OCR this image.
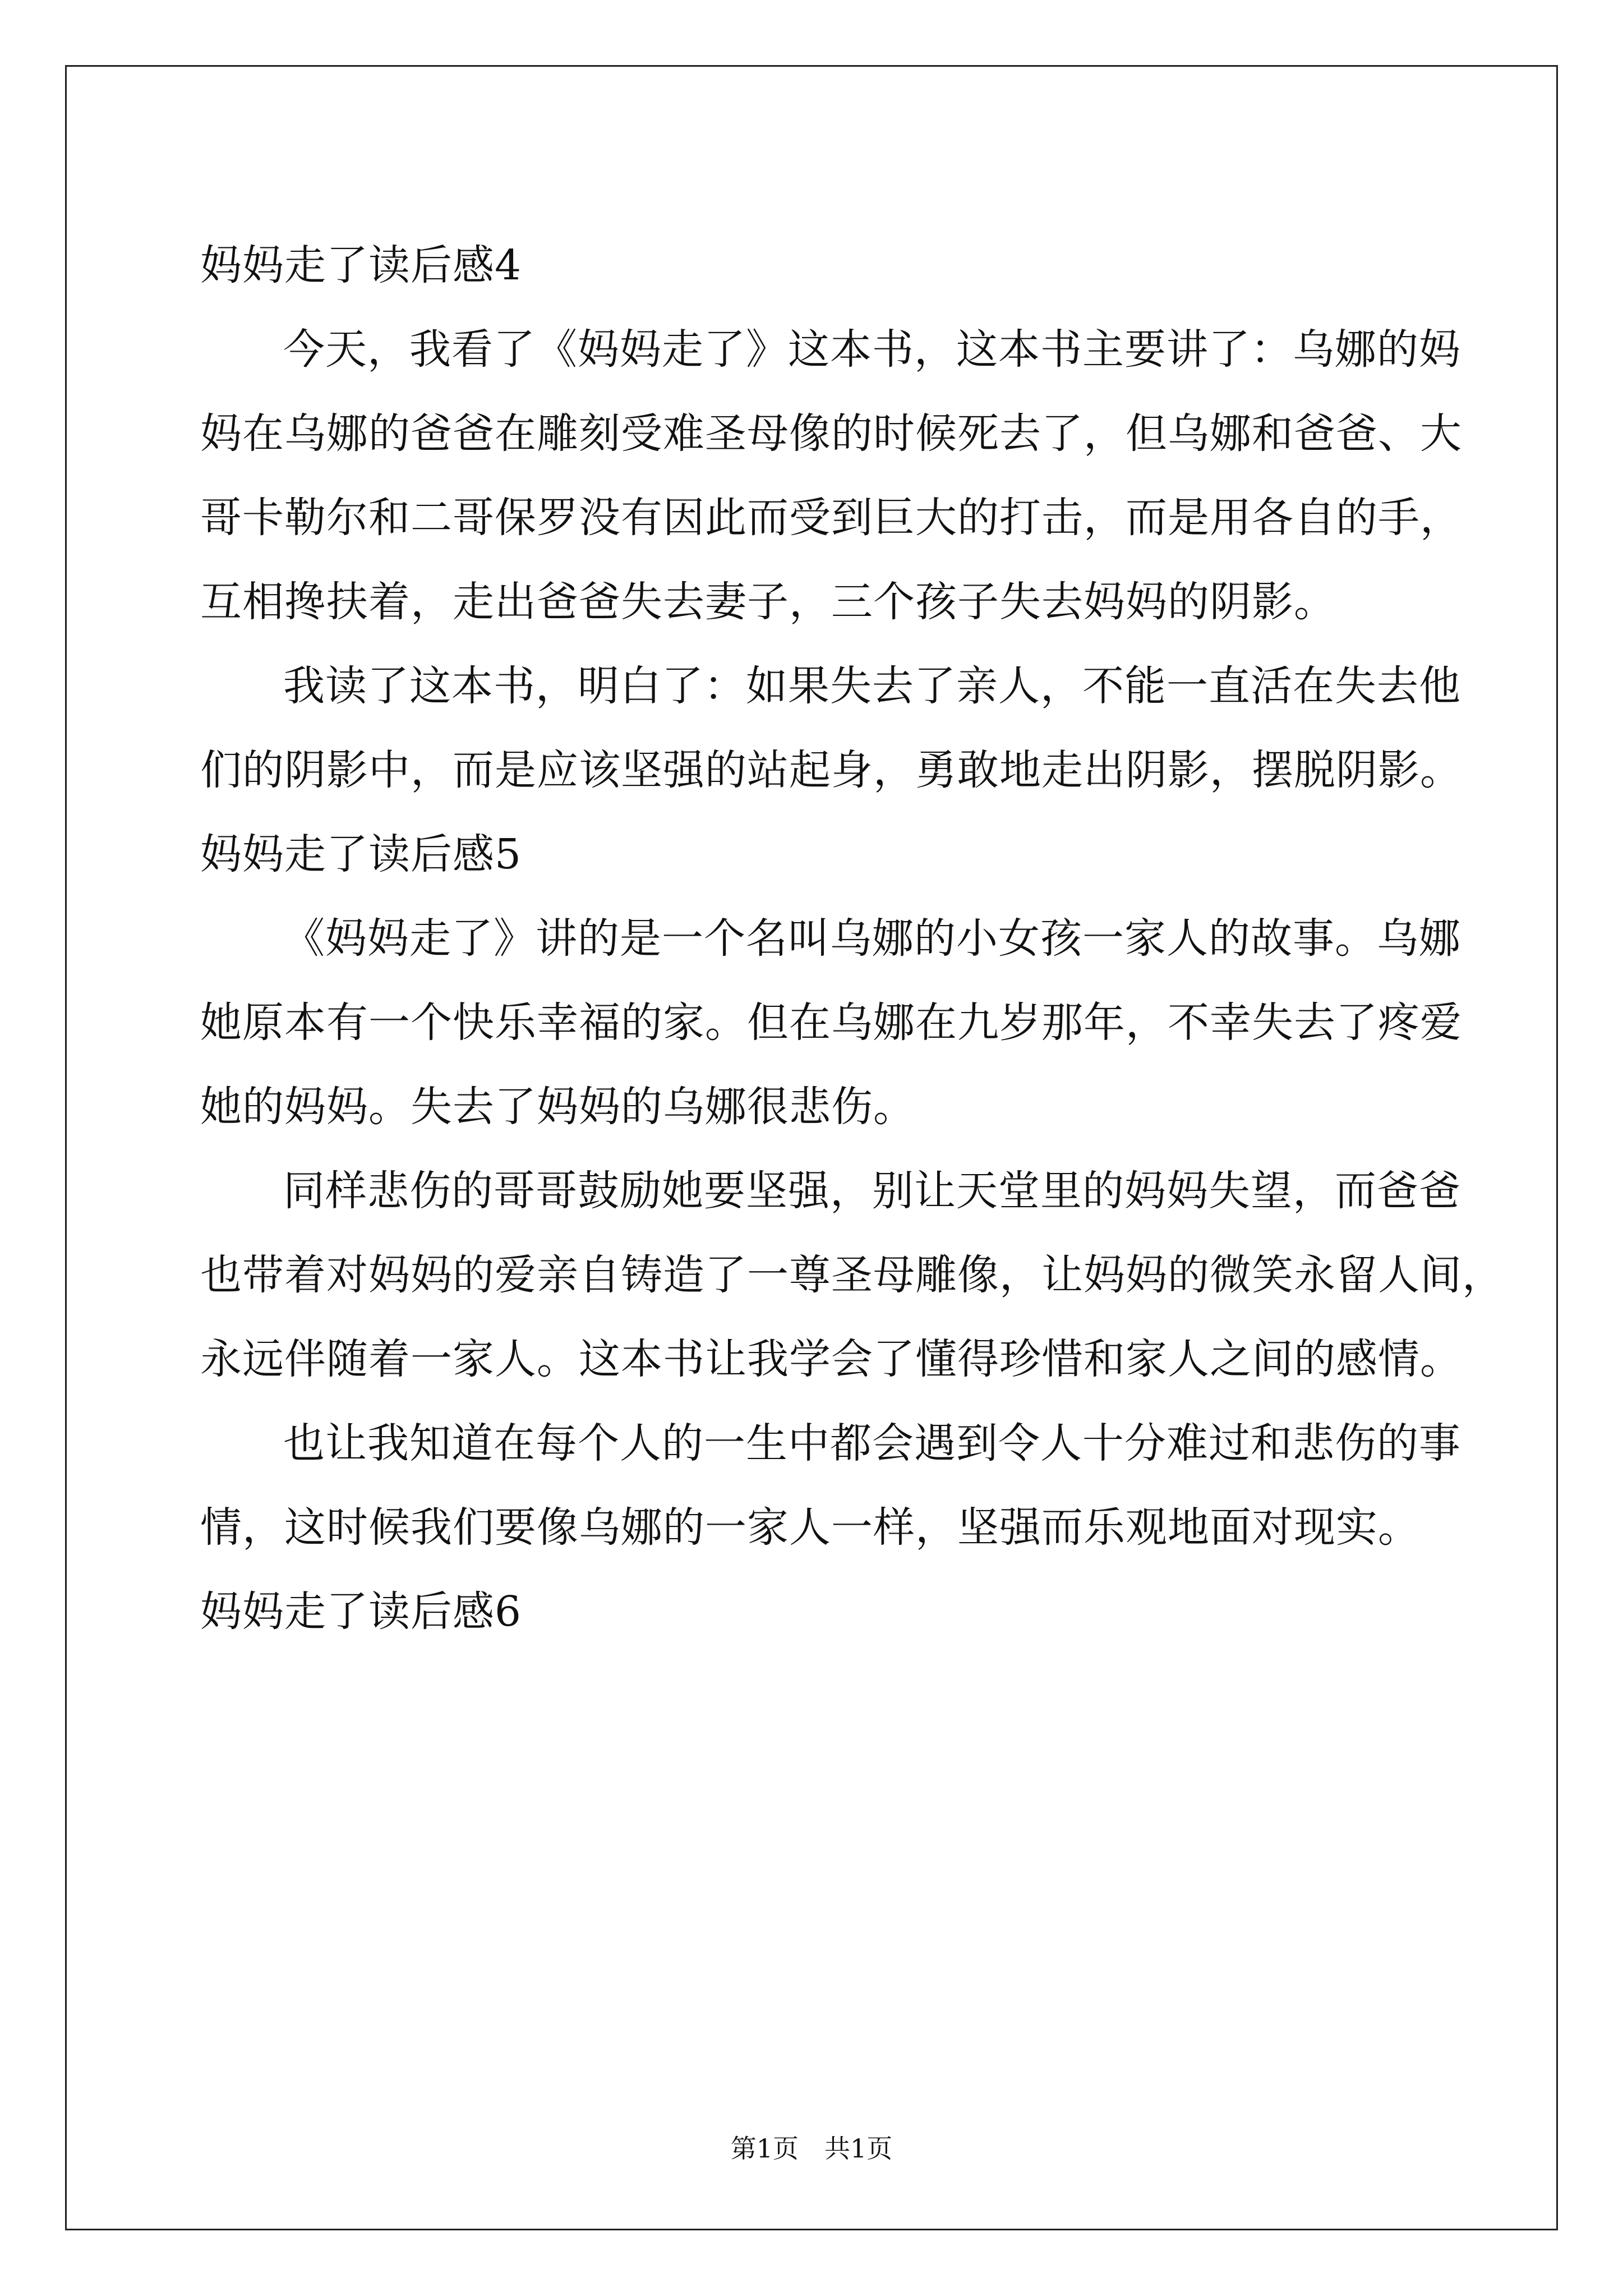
妈妈走了读后感4
今天，我看了《妈妈走了》这本书，这本书主要讲了：乌娜的妈
妈在乌娜的爸爸在雕刻受难圣母像的时候死去了，但乌娜和爸爸、大
哥卡勒尔和二哥保罗没有因此而受到巨大的打击，而是用各自的手，
互相搀扶着，走出爸爸失去妻子，三个孩子失去妈妈的阴影。
我读了这本书，明白了：如果失去了亲人，不能一直活在失去他
们的阴影中，而是应该坚强的站起身，勇敢地走出阴影，摆脱阴影。
妈妈走了读后感5
《妈妈走了》讲的是一个名叫乌娜的小女孩一家人的故事。乌娜
她原本有一个快乐幸福的家。但在乌娜在九岁那年，不幸失去了疼爱
她的妈妈。失去了妈妈的乌娜很悲伤。
同样悲伤的哥哥鼓励她要坚强，别让天堂里的妈妈失望，而爸爸
也带着对妈妈的爱亲自铸造了一尊圣母雕像，让妈妈的微笑永留人间，
永远伴随着一家人。这本书让我学会了懂得珍惜和家人之间的感情。
也让我知道在每个人的一生中都会遇到令人十分难过和悲伤的事
情，这时候我们要像乌娜的一家人一样，坚强而乐观地面对现实。
妈妈走了读后感6
第1页 共1页
